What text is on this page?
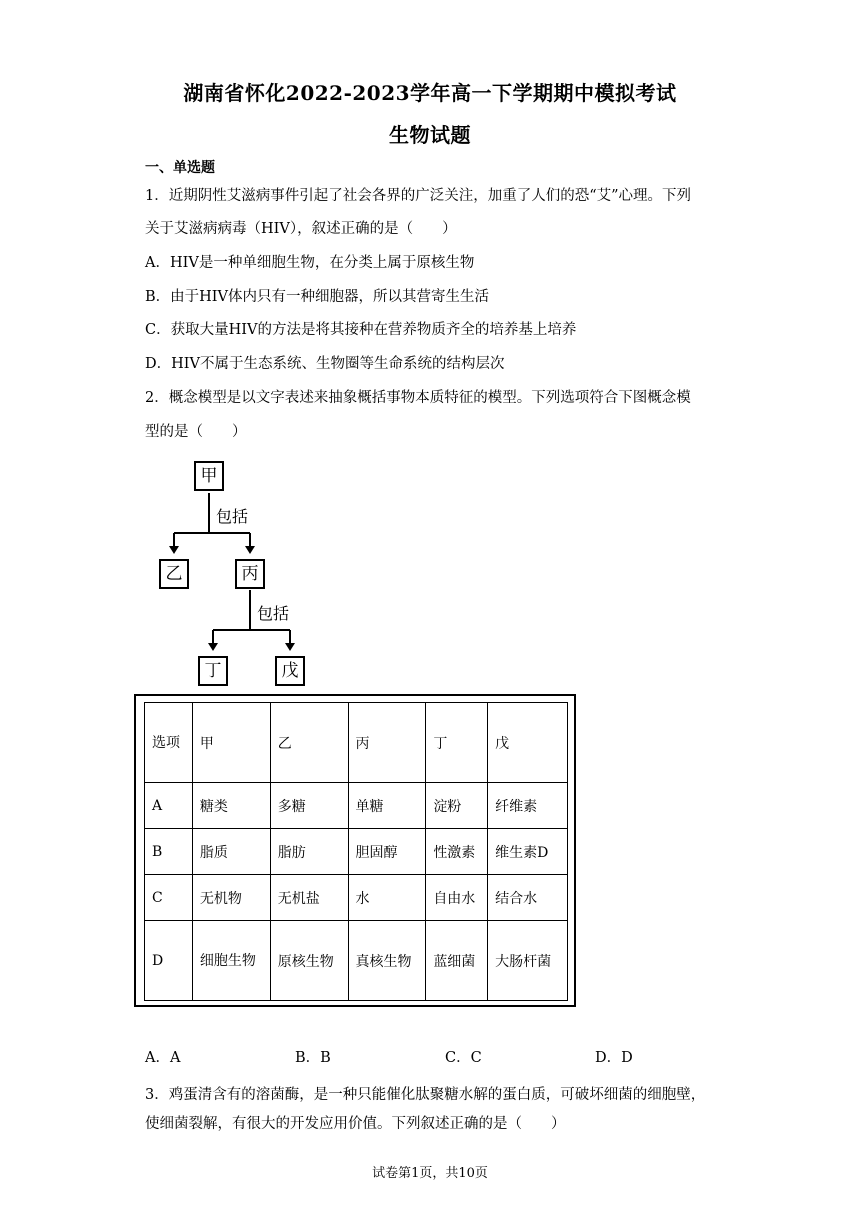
湖南省怀化2022-2023学年高一下学期期中模拟考试
生物试题
一、单选题
1．近期阴性艾滋病事件引起了社会各界的广泛关注，加重了人们的恐“艾”心理。下列
关于艾滋病病毒（HIV），叙述正确的是（　　）
A．HIV是一种单细胞生物，在分类上属于原核生物
B．由于HIV体内只有一种细胞器，所以其营寄生生活
C．获取大量HIV的方法是将其接种在营养物质齐全的培养基上培养
D．HIV不属于生态系统、生物圈等生命系统的结构层次
2．概念模型是以文字表述来抽象概括事物本质特征的模型。下列选项符合下图概念模
型的是（　　）
甲
包括
乙	丙
包括
丁	戊
选项	甲	乙	丙	丁	戊
A	糖类	多糖	单糖	淀粉	纤维素
B	脂质	脂肪	胆固醇	性激素	维生素D
C	无机物	无机盐	水	自由水	结合水
D	细胞生物	原核生物	真核生物	蓝细菌	大肠杆菌
A．A	B．B	C．C	D．D
3．鸡蛋清含有的溶菌酶，是一种只能催化肽聚糖水解的蛋白质，可破坏细菌的细胞壁，
使细菌裂解，有很大的开发应用价值。下列叙述正确的是（　　）
试卷第1页，共10页
